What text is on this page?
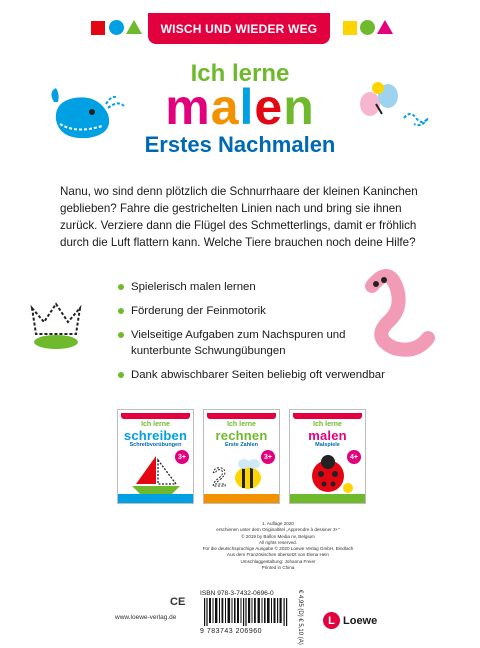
WISCH UND WIEDER WEG
Ich lerne
malen
Erstes Nachmalen
Nanu, wo sind denn plötzlich die Schnurrhaare der kleinen Kaninchen geblieben? Fahre die gestrichelten Linien nach und bring sie ihnen zurück. Verziere dann die Flügel des Schmetterlings, damit er fröhlich durch die Luft flattern kann. Welche Tiere brauchen noch deine Hilfe?
Spielerisch malen lernen
Förderung der Feinmotorik
Vielseitige Aufgaben zum Nachspuren und kunterbunte Schwungübungen
Dank abwischbarer Seiten beliebig oft verwendbar
Ich lerne
schreiben
Schreibvorübungen
3+
Ich lerne
rechnen
Erste Zahlen
3+
2
Ich lerne
malen
Malspiele
4+
1. Auflage 2020
erschienen unter dem Originaltitel „Apprendre à dessiner 3+“
© 2019 by Ballon Media nv, Belgium
All rights reserved.
Für die deutschsprachige Ausgabe © 2020 Loewe Verlag GmbH, Bindlach
Aus dem Französischen übersetzt von Elena Hein
Umschlaggestaltung: Johanna Freier
Printed in China
CE
www.loewe-verlag.de
ISBN 978-3-7432-0696-0
9 783743 206960	€ 4,95 (D) € 5,10 (A)	L Loewe
